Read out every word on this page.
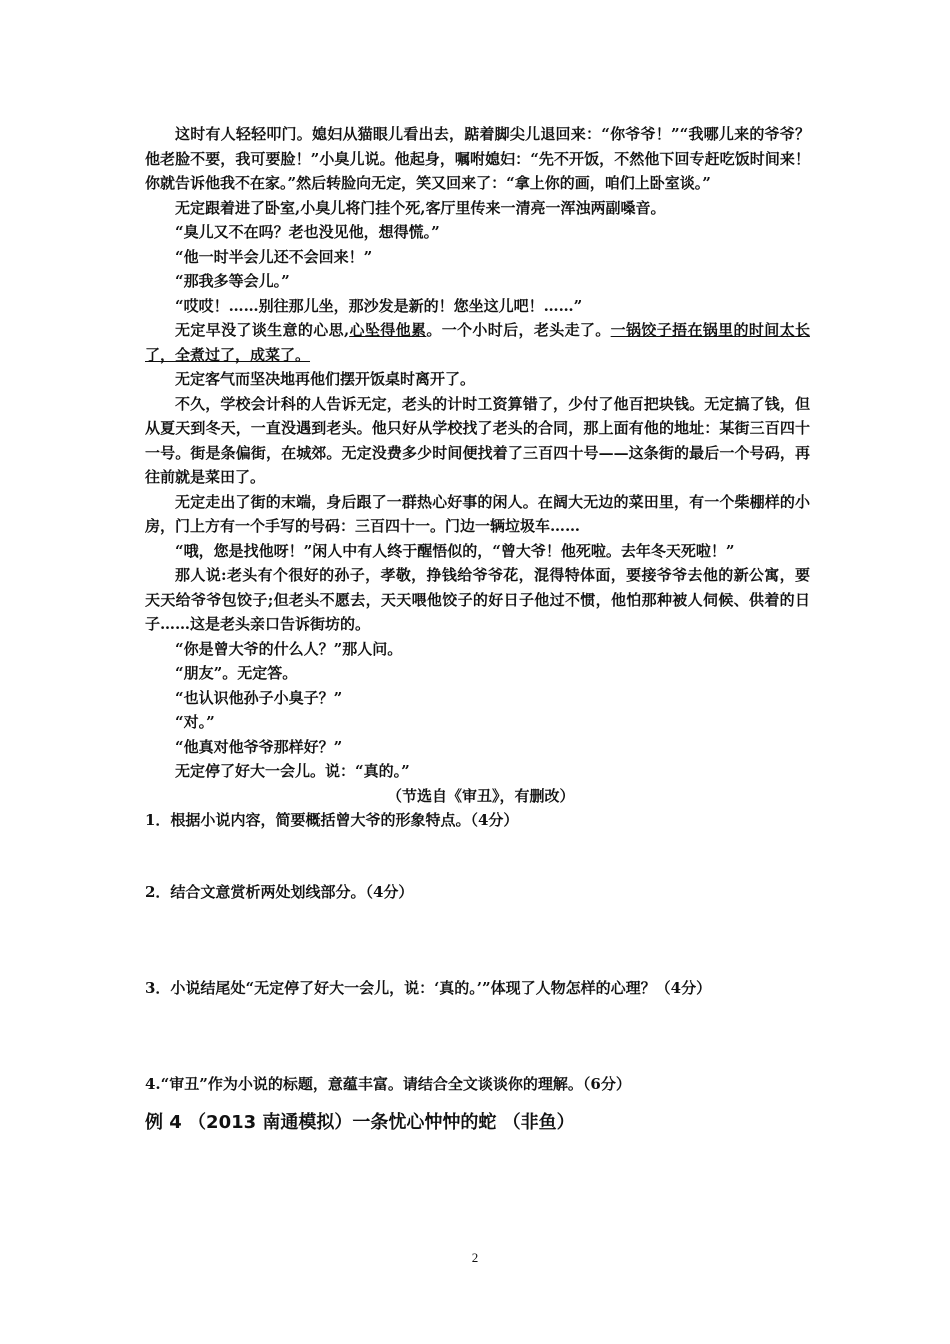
这时有人轻轻叩门。媳妇从猫眼儿看出去，踮着脚尖儿退回来：“你爷爷！”“我哪儿来的爷爷？他老脸不要，我可要脸！”小臭儿说。他起身，嘱咐媳妇：“先不开饭，不然他下回专赶吃饭时间来！你就告诉他我不在家。”然后转脸向无定，笑又回来了：“拿上你的画，咱们上卧室谈。”

无定跟着进了卧室,小臭儿将门挂个死,客厅里传来一清亮一浑浊两副嗓音。

“臭儿又不在吗？老也没见他，想得慌。”

“他一时半会儿还不会回来！”

“那我多等会儿。”

“哎哎！……别往那儿坐，那沙发是新的！您坐这儿吧！……”

无定早没了谈生意的心思,心坠得他累。一个小时后，老头走了。一锅饺子捂在锅里的时间太长了，全煮过了，成菜了。

无定客气而坚决地再他们摆开饭桌时离开了。

不久，学校会计科的人告诉无定，老头的计时工资算错了，少付了他百把块钱。无定搞了钱，但从夏天到冬天，一直没遇到老头。他只好从学校找了老头的合同，那上面有他的地址：某街三百四十一号。街是条偏街，在城郊。无定没费多少时间便找着了三百四十号——这条街的最后一个号码，再往前就是菜田了。

无定走出了街的末端，身后跟了一群热心好事的闲人。在阔大无边的菜田里，有一个柴棚样的小房，门上方有一个手写的号码：三百四十一。门边一辆垃圾车……

“哦，您是找他呀！”闲人中有人终于醒悟似的，“曾大爷！他死啦。去年冬天死啦！”

那人说:老头有个很好的孙子，孝敬，挣钱给爷爷花，混得特体面，要接爷爷去他的新公寓，要天天给爷爷包饺子;但老头不愿去，天天喂他饺子的好日子他过不惯，他怕那种被人伺候、供着的日子……这是老头亲口告诉街坊的。

“你是曾大爷的什么人？”那人问。

“朋友”。无定答。

“也认识他孙子小臭子？”

“对。”

“他真对他爷爷那样好？”

无定停了好大一会儿。说：“真的。”

（节选自《审丑》，有删改）

1．根据小说内容，简要概括曾大爷的形象特点。（4分）

2．结合文意赏析两处划线部分。（4分）

3．小说结尾处“无定停了好大一会儿，说：‘真的。’”体现了人物怎样的心理？（4分）

4.“审丑”作为小说的标题，意蕴丰富。请结合全文谈谈你的理解。（6分）

例 4 （2013 南通模拟）一条忧心忡忡的蛇 （非鱼）

2
